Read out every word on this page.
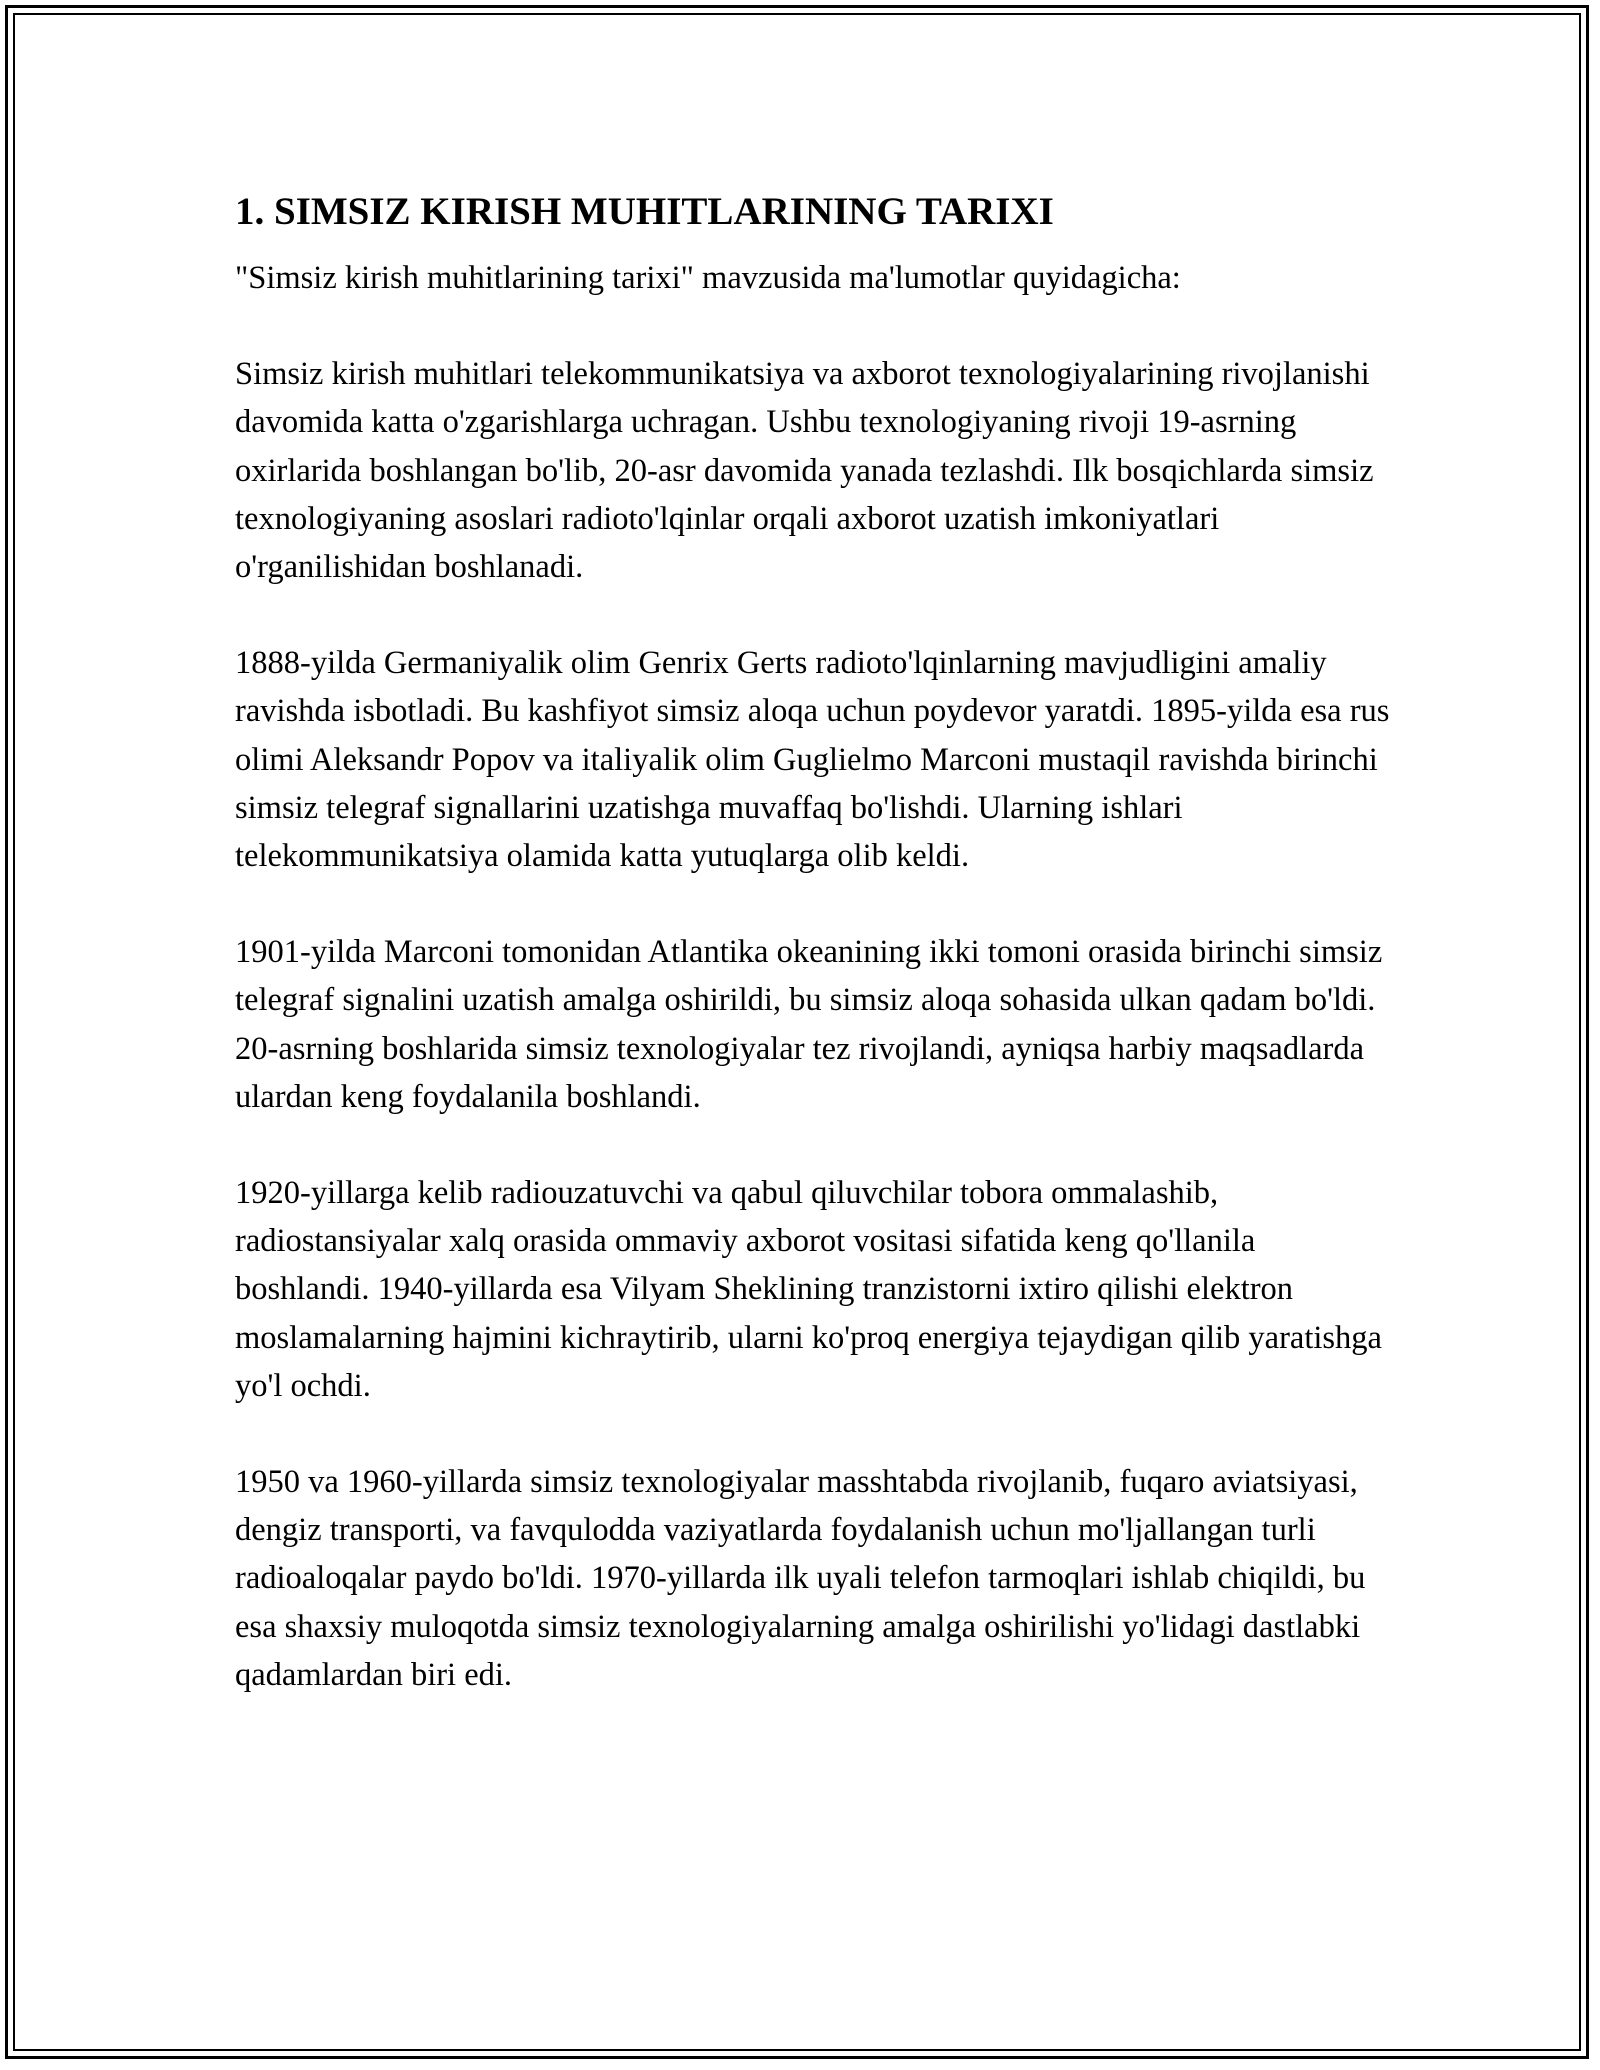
1. SIMSIZ KIRISH MUHITLARINING TARIXI

"Simsiz kirish muhitlarining tarixi" mavzusida ma'lumotlar quyidagicha:

Simsiz kirish muhitlari telekommunikatsiya va axborot texnologiyalarining rivojlanishi davomida katta o'zgarishlarga uchragan. Ushbu texnologiyaning rivoji 19-asrning oxirlarida boshlangan bo'lib, 20-asr davomida yanada tezlashdi. Ilk bosqichlarda simsiz texnologiyaning asoslari radioto'lqinlar orqali axborot uzatish imkoniyatlari o'rganilishidan boshlanadi.

1888-yilda Germaniyalik olim Genrix Gerts radioto'lqinlarning mavjudligini amaliy ravishda isbotladi. Bu kashfiyot simsiz aloqa uchun poydevor yaratdi. 1895-yilda esa rus olimi Aleksandr Popov va italiyalik olim Guglielmo Marconi mustaqil ravishda birinchi simsiz telegraf signallarini uzatishga muvaffaq bo'lishdi. Ularning ishlari telekommunikatsiya olamida katta yutuqlarga olib keldi.

1901-yilda Marconi tomonidan Atlantika okeanining ikki tomoni orasida birinchi simsiz telegraf signalini uzatish amalga oshirildi, bu simsiz aloqa sohasida ulkan qadam bo'ldi. 20-asrning boshlarida simsiz texnologiyalar tez rivojlandi, ayniqsa harbiy maqsadlarda ulardan keng foydalanila boshlandi.

1920-yillarga kelib radiouzatuvchi va qabul qiluvchilar tobora ommalashib, radiostansiyalar xalq orasida ommaviy axborot vositasi sifatida keng qo'llanila boshlandi. 1940-yillarda esa Vilyam Sheklining tranzistorni ixtiro qilishi elektron moslamalarning hajmini kichraytirib, ularni ko'proq energiya tejaydigan qilib yaratishga yo'l ochdi.

1950 va 1960-yillarda simsiz texnologiyalar masshtabda rivojlanib, fuqaro aviatsiyasi, dengiz transporti, va favqulodda vaziyatlarda foydalanish uchun mo'ljallangan turli radioaloqalar paydo bo'ldi. 1970-yillarda ilk uyali telefon tarmoqlari ishlab chiqildi, bu esa shaxsiy muloqotda simsiz texnologiyalarning amalga oshirilishi yo'lidagi dastlabki qadamlardan biri edi.
